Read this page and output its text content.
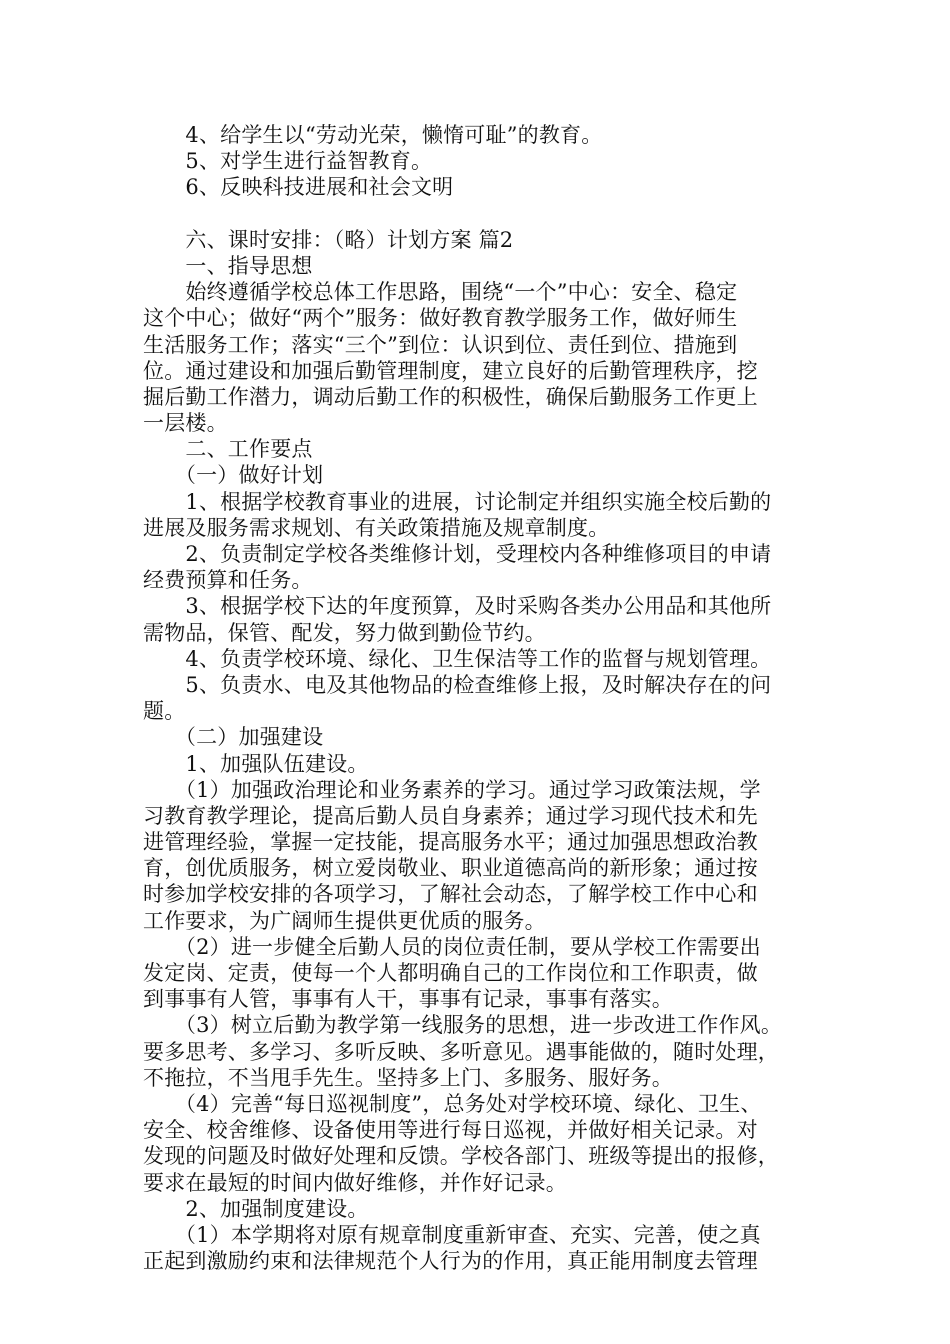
　　4、给学生以“劳动光荣，懒惰可耻”的教育。
　　5、对学生进行益智教育。
　　6、反映科技进展和社会文明
　　六、课时安排：（略）计划方案 篇2
　　一、指导思想
　　始终遵循学校总体工作思路，围绕“一个”中心：安全、稳定
这个中心；做好“两个”服务：做好教育教学服务工作，做好师生
生活服务工作；落实“三个”到位：认识到位、责任到位、措施到
位。通过建设和加强后勤管理制度，建立良好的后勤管理秩序，挖
掘后勤工作潜力，调动后勤工作的积极性，确保后勤服务工作更上
一层楼。
　　二、工作要点
　　（一）做好计划
　　1、根据学校教育事业的进展，讨论制定并组织实施全校后勤的
进展及服务需求规划、有关政策措施及规章制度。
　　2、负责制定学校各类维修计划，受理校内各种维修项目的申请
经费预算和任务。
　　3、根据学校下达的年度预算，及时采购各类办公用品和其他所
需物品，保管、配发，努力做到勤俭节约。
　　4、负责学校环境、绿化、卫生保洁等工作的监督与规划管理。
　　5、负责水、电及其他物品的检查维修上报，及时解决存在的问
题。
　　（二）加强建设
　　1、加强队伍建设。
　　（1）加强政治理论和业务素养的学习。通过学习政策法规，学
习教育教学理论，提高后勤人员自身素养；通过学习现代技术和先
进管理经验，掌握一定技能，提高服务水平；通过加强思想政治教
育，创优质服务，树立爱岗敬业、职业道德高尚的新形象；通过按
时参加学校安排的各项学习，了解社会动态，了解学校工作中心和
工作要求，为广阔师生提供更优质的服务。
　　（2）进一步健全后勤人员的岗位责任制，要从学校工作需要出
发定岗、定责，使每一个人都明确自己的工作岗位和工作职责，做
到事事有人管，事事有人干，事事有记录，事事有落实。
　　（3）树立后勤为教学第一线服务的思想，进一步改进工作作风。
要多思考、多学习、多听反映、多听意见。遇事能做的，随时处理，
不拖拉，不当甩手先生。坚持多上门、多服务、服好务。
　　（4）完善“每日巡视制度”，总务处对学校环境、绿化、卫生、
安全、校舍维修、设备使用等进行每日巡视，并做好相关记录。对
发现的问题及时做好处理和反馈。学校各部门、班级等提出的报修，
要求在最短的时间内做好维修，并作好记录。
　　2、加强制度建设。
　　（1）本学期将对原有规章制度重新审查、充实、完善，使之真
正起到激励约束和法律规范个人行为的作用，真正能用制度去管理
